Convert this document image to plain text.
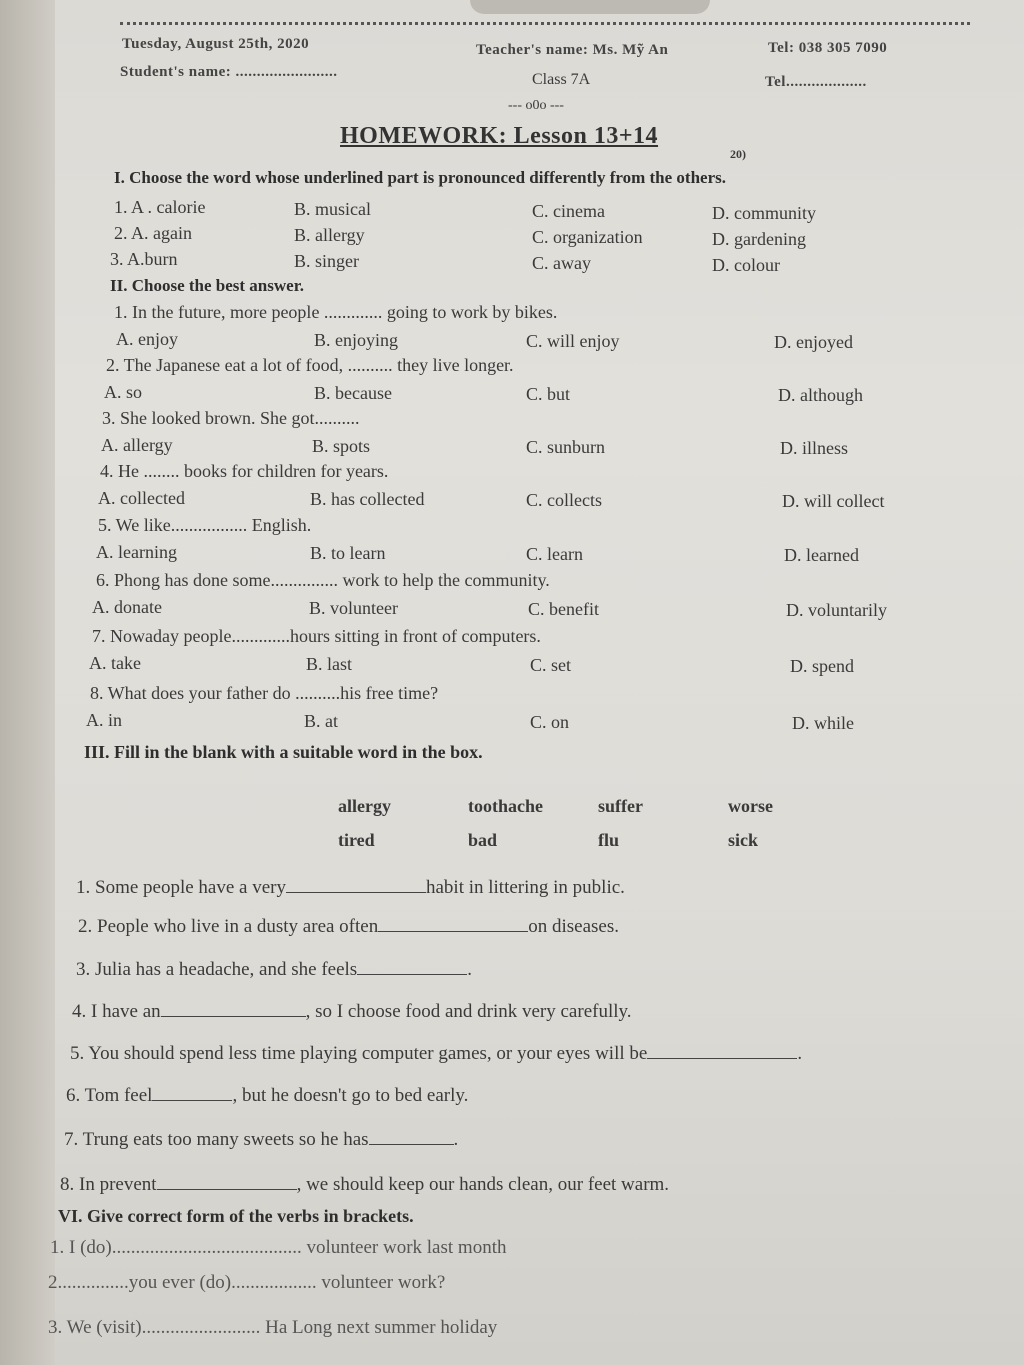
Tuesday, August 25th, 2020	Teacher's name: Ms. Mỹ An	Tel: 038 305 7090
Student's name: ........................	Class 7A	Tel...................
--- o0o ---
HOMEWORK: Lesson 13+14
20)
I. Choose the word whose underlined part is pronounced differently from the others.
1. A . calorie	B. musical	C. cinema	D. community
2. A. again	B. allergy	C. organization	D. gardening
3. A.burn	B. singer	C. away	D. colour
II. Choose the best answer.
1. In the future, more people ............. going to work by bikes.
A. enjoy	B. enjoying	C. will enjoy	D. enjoyed
2. The Japanese eat a lot of food, .......... they live longer.
A. so	B. because	C. but	D. although
3. She looked brown. She got..........
A. allergy	B. spots	C. sunburn	D. illness
4. He ........ books for children for years.
A. collected	B. has collected	C. collects	D. will collect
5. We like................. English.
A. learning	B. to learn	C. learn	D. learned
6. Phong has done some............... work to help the community.
A. donate	B. volunteer	C. benefit	D. voluntarily
7. Nowaday people.............hours sitting in front of computers.
A. take	B. last	C. set	D. spend
8. What does your father do ..........his free time?
A. in	B. at	C. on	D. while
III. Fill in the blank with a suitable word in the box.
allergy	toothache	suffer	worse
tired	bad	flu	sick
1. Some people have a very	habit in littering in public.
2. People who live in a dusty area often	on diseases.
3. Julia has a headache, and she feels	.
4. I have an	, so I choose food and drink very carefully.
5. You should spend less time playing computer games, or your eyes will be	.
6. Tom feel	, but he doesn't go to bed early.
7. Trung eats too many sweets so he has	.
8. In prevent	, we should keep our hands clean, our feet warm.
VI. Give correct form of the verbs in brackets.
1. I (do)........................................ volunteer work last month
2...............you ever (do).................. volunteer work?
3. We (visit)......................... Ha Long next summer holiday
